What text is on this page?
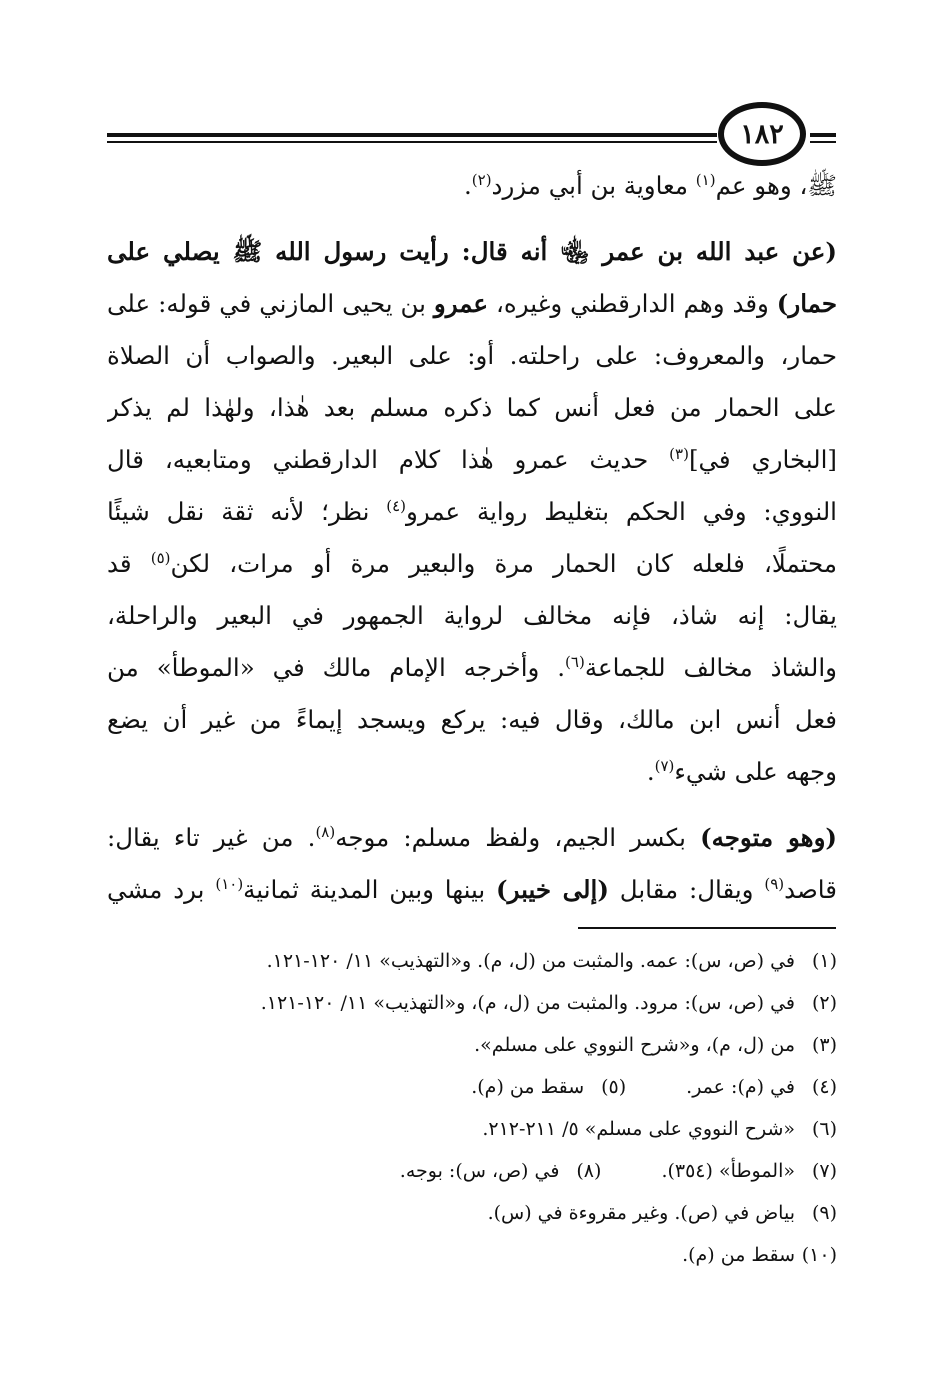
١٨٢
ﷺ، وهو عم$^{(١)}$ معاوية بن أبي مزرد$^{(٢)}$.
(عن عبد الله بن عمر ﵄ أنه قال: رأيت رسول الله ﷺ يصلي على
حمار) وقد وهم الدارقطني وغيره، عمرو بن يحيى المازني في قوله: على
حمار، والمعروف: على راحلته. أو: على البعير. والصواب أن الصلاة
على الحمار من فعل أنس كما ذكره مسلم بعد هٰذا، ولهٰذا لم يذكر
[البخاري في]$^{(٣)}$ حديث عمرو هٰذا كلام الدارقطني ومتابعيه، قال
النووي: وفي الحكم بتغليط رواية عمرو$^{(٤)}$ نظر؛ لأنه ثقة نقل شيئًا
محتملًا، فلعله كان الحمار مرة والبعير مرة أو مرات، لكن$^{(٥)}$ قد
يقال: إنه شاذ، فإنه مخالف لرواية الجمهور في البعير والراحلة،
والشاذ مخالف للجماعة$^{(٦)}$. وأخرجه الإمام مالك في «الموطأ» من
فعل أنس ابن مالك، وقال فيه: يركع ويسجد إيماءً من غير أن يضع
وجهه على شيء$^{(٧)}$.
(وهو متوجه) بكسر الجيم، ولفظ مسلم: موجه$^{(٨)}$. من غير تاء يقال:
قاصد$^{(٩)}$ ويقال: مقابل (إلى خيبر) بينها وبين المدينة ثمانية$^{(١٠)}$ برد مشي
(١)في (ص، س): عمه. والمثبت من (ل، م). و«التهذيب» ١١/ ١٢٠-١٢١.
(٢)في (ص، س): مرود. والمثبت من (ل، م)، و«التهذيب» ١١/ ١٢٠-١٢١.
(٣)من (ل، م)، و«شرح النووي على مسلم».
(٤)في (م): عمر.(٥)سقط من (م).
(٦)«شرح النووي على مسلم» ٥/ ٢١١-٢١٢.
(٧)«الموطأ» (٣٥٤).(٨)في (ص، س): بوجه.
(٩)بياض في (ص). وغير مقروءة في (س).
(١٠)سقط من (م).
